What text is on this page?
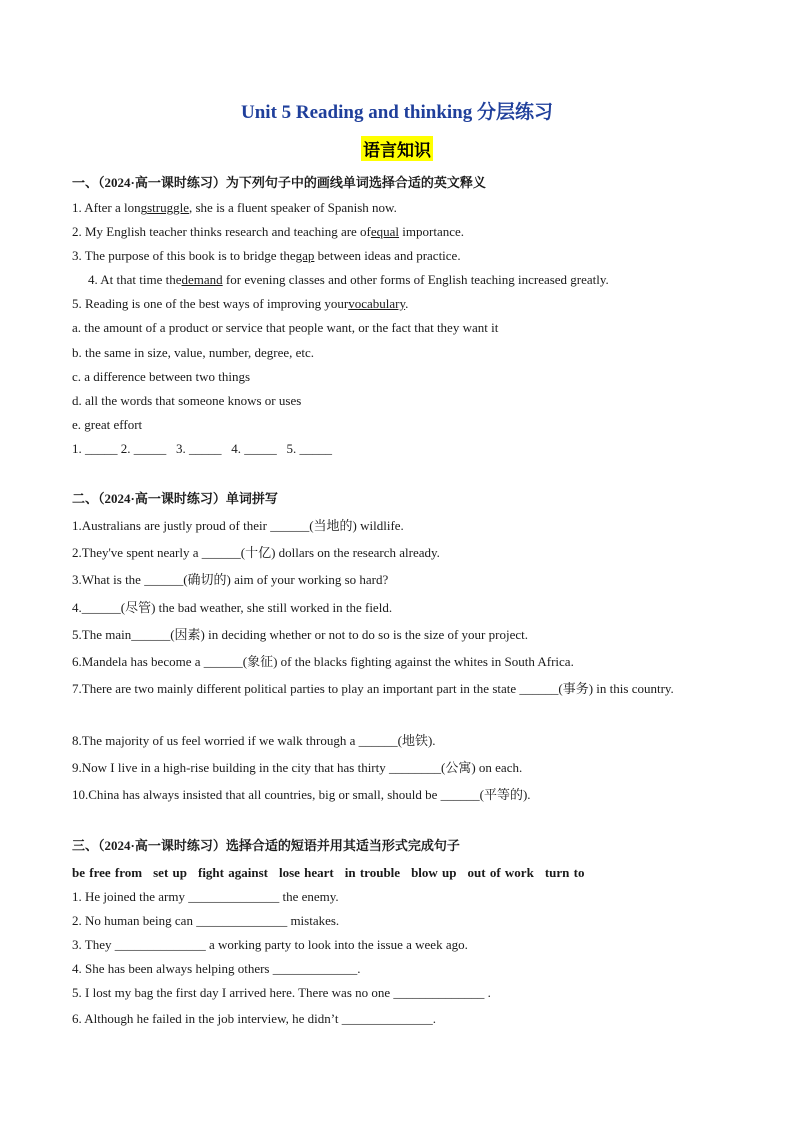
Unit 5 Reading and thinking 分层练习
语言知识
一、（2024·高一课时练习）为下列句子中的画线单词选择合适的英文释义
1. After a longstruggle, she is a fluent speaker of Spanish now.
2. My English teacher thinks research and teaching are ofequal importance.
3. The purpose of this book is to bridge thegap between ideas and practice.
4. At that time thedemand for evening classes and other forms of English teaching increased greatly.
5. Reading is one of the best ways of improving yourvocabulary.
a. the amount of a product or service that people want, or the fact that they want it
b. the same in size, value, number, degree, etc.
c. a difference between two things
d. all the words that someone knows or uses
e. great effort
1. _____ 2. _____   3. _____   4. _____   5. _____
二、（2024·高一课时练习）单词拼写
1.Australians are justly proud of their ______(当地的) wildlife.
2.They've spent nearly a ______(十亿) dollars on the research already.
3.What is the ______(确切的) aim of your working so hard?
4.______(尽管) the bad weather, she still worked in the field.
5.The main______(因素) in deciding whether or not to do so is the size of your project.
6.Mandela has become a ______(象征) of the blacks fighting against the whites in South Africa.
7.There are two mainly different political parties to play an important part in the state ______(事务) in this country.
8.The majority of us feel worried if we walk through a ______(地铁).
9.Now I live in a high-rise building in the city that has thirty ________(公寓) on each.
10.China has always insisted that all countries, big or small, should be ______(平等的).
三、（2024·高一课时练习）选择合适的短语并用其适当形式完成句子
be free from set up fight against lose heart in trouble blow up out of work turn to
1. He joined the army ______________ the enemy.
2. No human being can ______________ mistakes.
3. They ______________ a working party to look into the issue a week ago.
4. She has been always helping others _____________.
5. I lost my bag the first day I arrived here. There was no one ______________ .
6. Although he failed in the job interview, he didn’t ______________.
